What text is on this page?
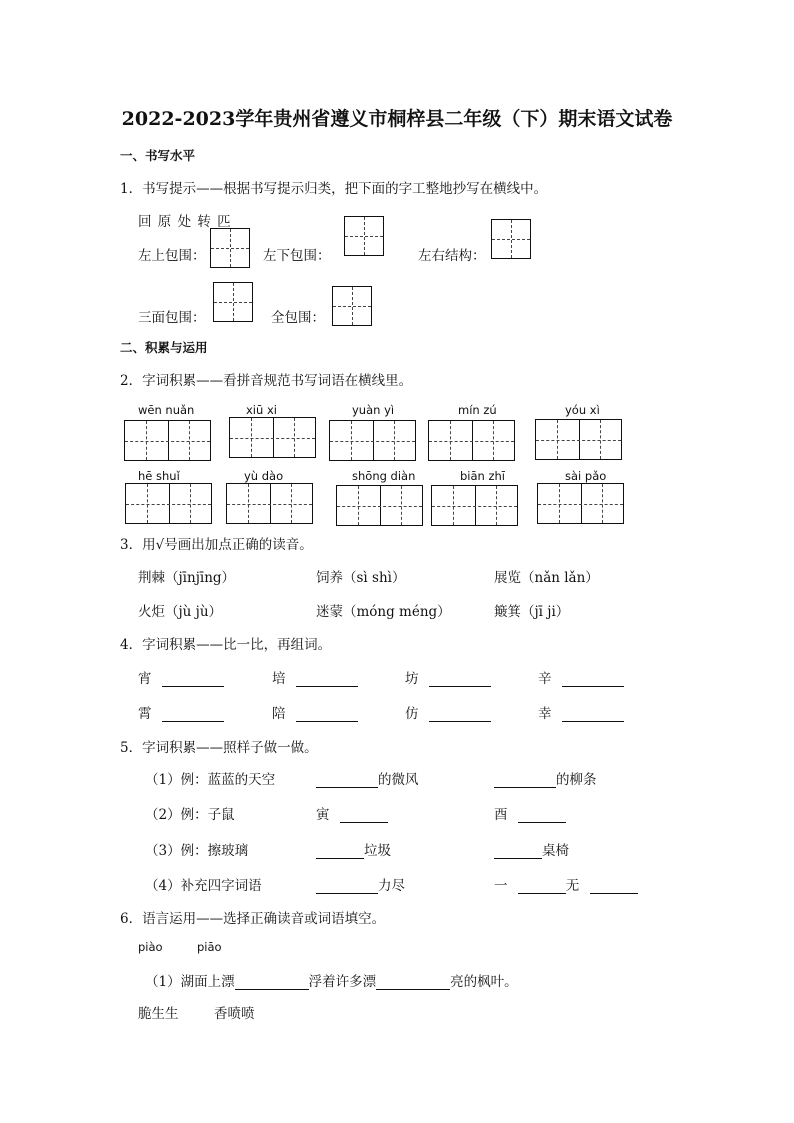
2022-2023学年贵州省遵义市桐梓县二年级（下）期末语文试卷
一、书写水平
1．书写提示——根据书写提示归类，把下面的字工整地抄写在横线中。
回 原 处 转 匹
左上包围：	左下包围：	左右结构：
三面包围：	全包围：
二、积累与运用
2．字词积累——看拼音规范书写词语在横线里。
wēn nuǎn	xiū xi	yuàn yì	mín zú	yóu xì
hē shuǐ	yù dào	shōng diàn	biān zhī	sài pǎo
3．用√号画出加点正确的读音。
荆棘（jīnjīng）	饲养（sì shì）	展览（nǎn lǎn）
火炬（jù jù）	迷蒙（móng méng）	簸箕（jī ji）
4．字词积累——比一比，再组词。
宵	培	坊	辛
霄	陪	仿	幸
5．字词积累——照样子做一做。
（1）例：蓝蓝的天空	的微风	的柳条
（2）例：子鼠	寅	酉
（3）例：擦玻璃	垃圾	桌椅
（4）补充四字词语	力尽	一	无
6．语言运用——选择正确读音或词语填空。
piào	piāo
（1）湖面上漂	浮着许多漂	亮的枫叶。
脆生生	香喷喷
